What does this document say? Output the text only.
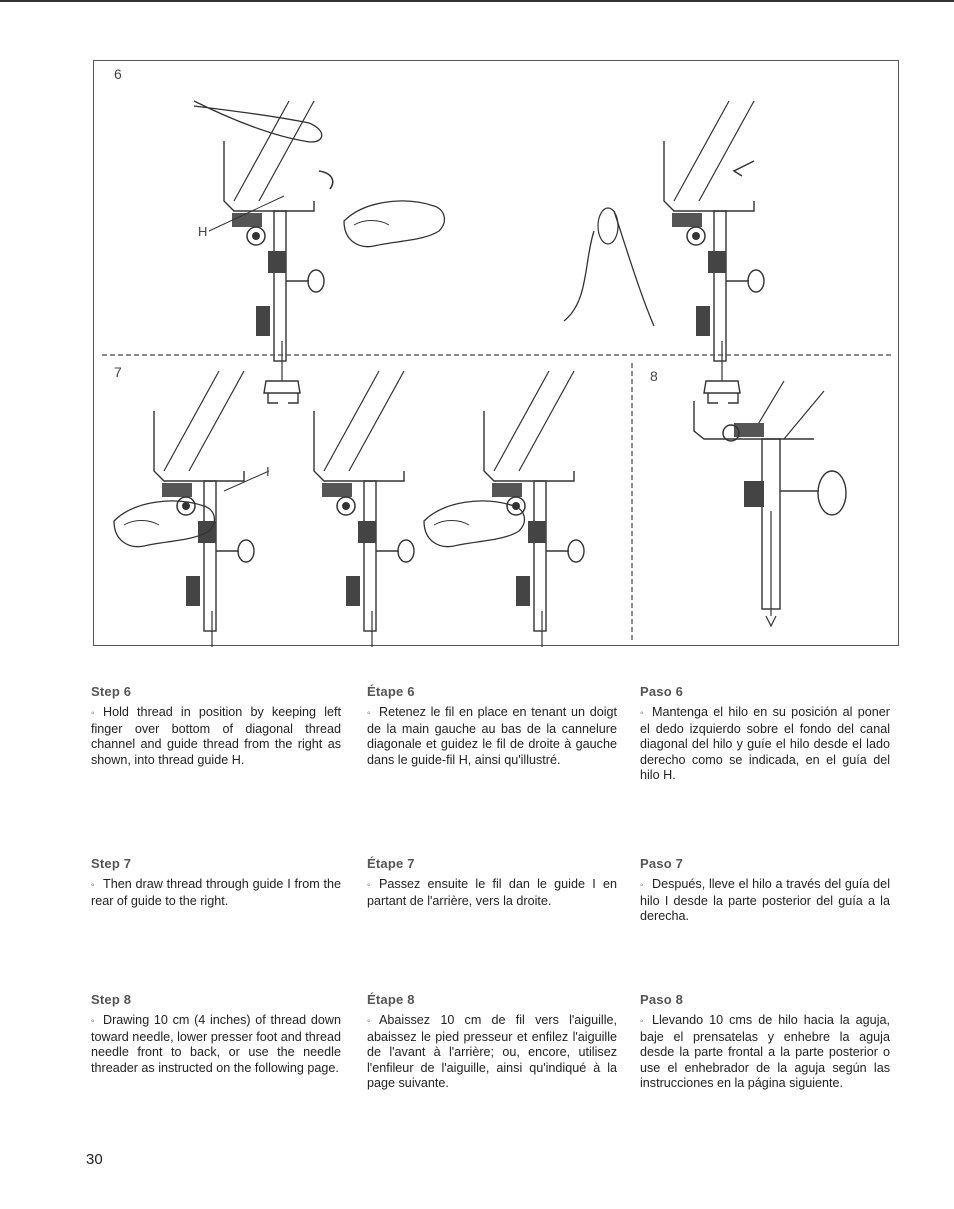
H
I
6
7	8

Step 6

◦ Hold thread in position by keeping left finger over bottom of diagonal thread channel and guide thread from the right as shown, into thread guide H.

Étape 6

◦ Retenez le fil en place en tenant un doigt de la main gauche au bas de la cannelure diagonale et guidez le fil de droite à gauche dans le guide-fil H, ainsi qu'illustré.

Paso 6

◦ Mantenga el hilo en su posición al poner el dedo izquierdo sobre el fondo del canal diagonal del hilo y guíe el hilo desde el lado derecho como se indicada, en el guía del hilo H.

Step 7

◦ Then draw thread through guide I from the rear of guide to the right.

Étape 7

◦ Passez ensuite le fil dan le guide I en partant de l'arrière, vers la droite.

Paso 7

◦ Después, lleve el hilo a través del guía del hilo I desde la parte posterior del guía a la derecha.

Step 8

◦ Drawing 10 cm (4 inches) of thread down toward needle, lower presser foot and thread needle front to back, or use the needle threader as instructed on the following page.

Étape 8

◦ Abaissez 10 cm de fil vers l'aiguille, abaissez le pied presseur et enfilez l'aiguille de l'avant à l'arrière; ou, encore, utilisez l'enfileur de l'aiguille, ainsi qu'indiqué à la page suivante.

Paso 8

◦ Llevando 10 cms de hilo hacia la aguja, baje el prensatelas y enhebre la aguja desde la parte frontal a la parte posterior o use el enhebrador de la aguja según las instrucciones en la página siguiente.

30
